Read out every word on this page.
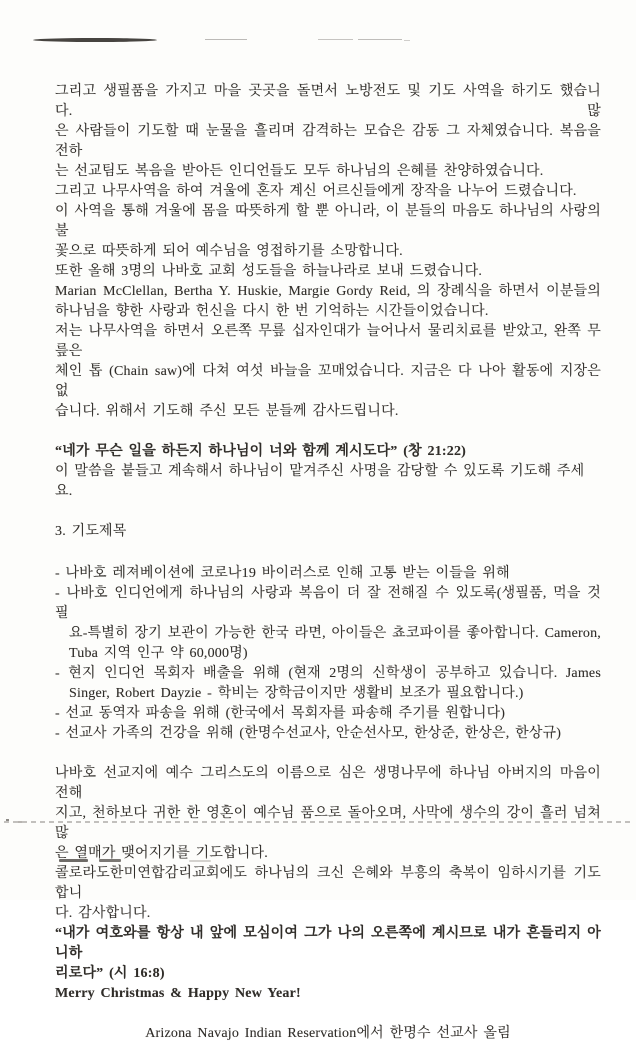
그리고 생필품을 가지고 마을 곳곳을 돌면서 노방전도 및 기도 사역을 하기도 했습니다. 많
은 사람들이 기도할 때 눈물을 흘리며 감격하는 모습은 감동 그 자체였습니다. 복음을 전하
는 선교팀도 복음을 받아든 인디언들도 모두 하나님의 은혜를 찬양하였습니다.
그리고 나무사역을 하여 겨울에 혼자 계신 어르신들에게 장작을 나누어 드렸습니다.
이 사역을 통해 겨울에 몸을 따뜻하게 할 뿐 아니라, 이 분들의 마음도 하나님의 사랑의 불
꽃으로 따뜻하게 되어 예수님을 영접하기를 소망합니다.
또한 올해 3명의 나바호 교회 성도들을 하늘나라로 보내 드렸습니다.
Marian McClellan, Bertha Y. Huskie, Margie Gordy Reid, 의 장례식을 하면서 이분들의
하나님을 향한 사랑과 헌신을 다시 한 번 기억하는 시간들이었습니다.
저는 나무사역을 하면서 오른쪽 무릎 십자인대가 늘어나서 물리치료를 받았고, 완쪽 무릎은
체인 톱 (Chain saw)에 다쳐 여섯 바늘을 꼬매었습니다. 지금은 다 나아 활동에 지장은 없
습니다. 위해서 기도해 주신 모든 분들께 감사드립니다.
“네가 무슨 일을 하든지 하나님이 너와 함께 계시도다” (창 21:22)
이 말씀을 붙들고 계속해서 하나님이 맡겨주신 사명을 감당할 수 있도록 기도해 주세요.
3. 기도제목
- 나바호 레져베이션에 코로나19 바이러스로 인해 고통 받는 이들을 위해
- 나바호 인디언에게 하나님의 사랑과 복음이 더 잘 전해질 수 있도록(생필품, 먹을 것 필
요-특별히 장기 보관이 가능한 한국 라면, 아이들은 쵸코파이를 좋아합니다. Cameron,
Tuba 지역 인구 약 60,000명)
- 현지 인디언 목회자 배출을 위해 (현재 2명의 신학생이 공부하고 있습니다. James
Singer, Robert Dayzie - 학비는 장학금이지만 생활비 보조가 필요합니다.)
- 선교 동역자 파송을 위해 (한국에서 목회자를 파송해 주기를 원합니다)
- 선교사 가족의 건강을 위해 (한명수선교사, 안순선사모, 한상준, 한상은, 한상규)
나바호 선교지에 예수 그리스도의 이름으로 심은 생명나무에 하나님 아버지의 마음이 전해
지고, 천하보다 귀한 한 영혼이 예수님 품으로 돌아오며, 사막에 생수의 강이 흘러 넘쳐 많
은 열매가 맺어지기를 기도합니다.
콜로라도한미연합감리교회에도 하나님의 크신 은혜와 부흥의 축복이 임하시기를 기도합니
다. 감사합니다.
“내가 여호와를 항상 내 앞에 모심이여 그가 나의 오른쪽에 계시므로 내가 흔들리지 아니하
리로다” (시 16:8)
Merry Christmas & Happy New Year!
Arizona Navajo Indian Reservation에서 한명수 선교사 올림
